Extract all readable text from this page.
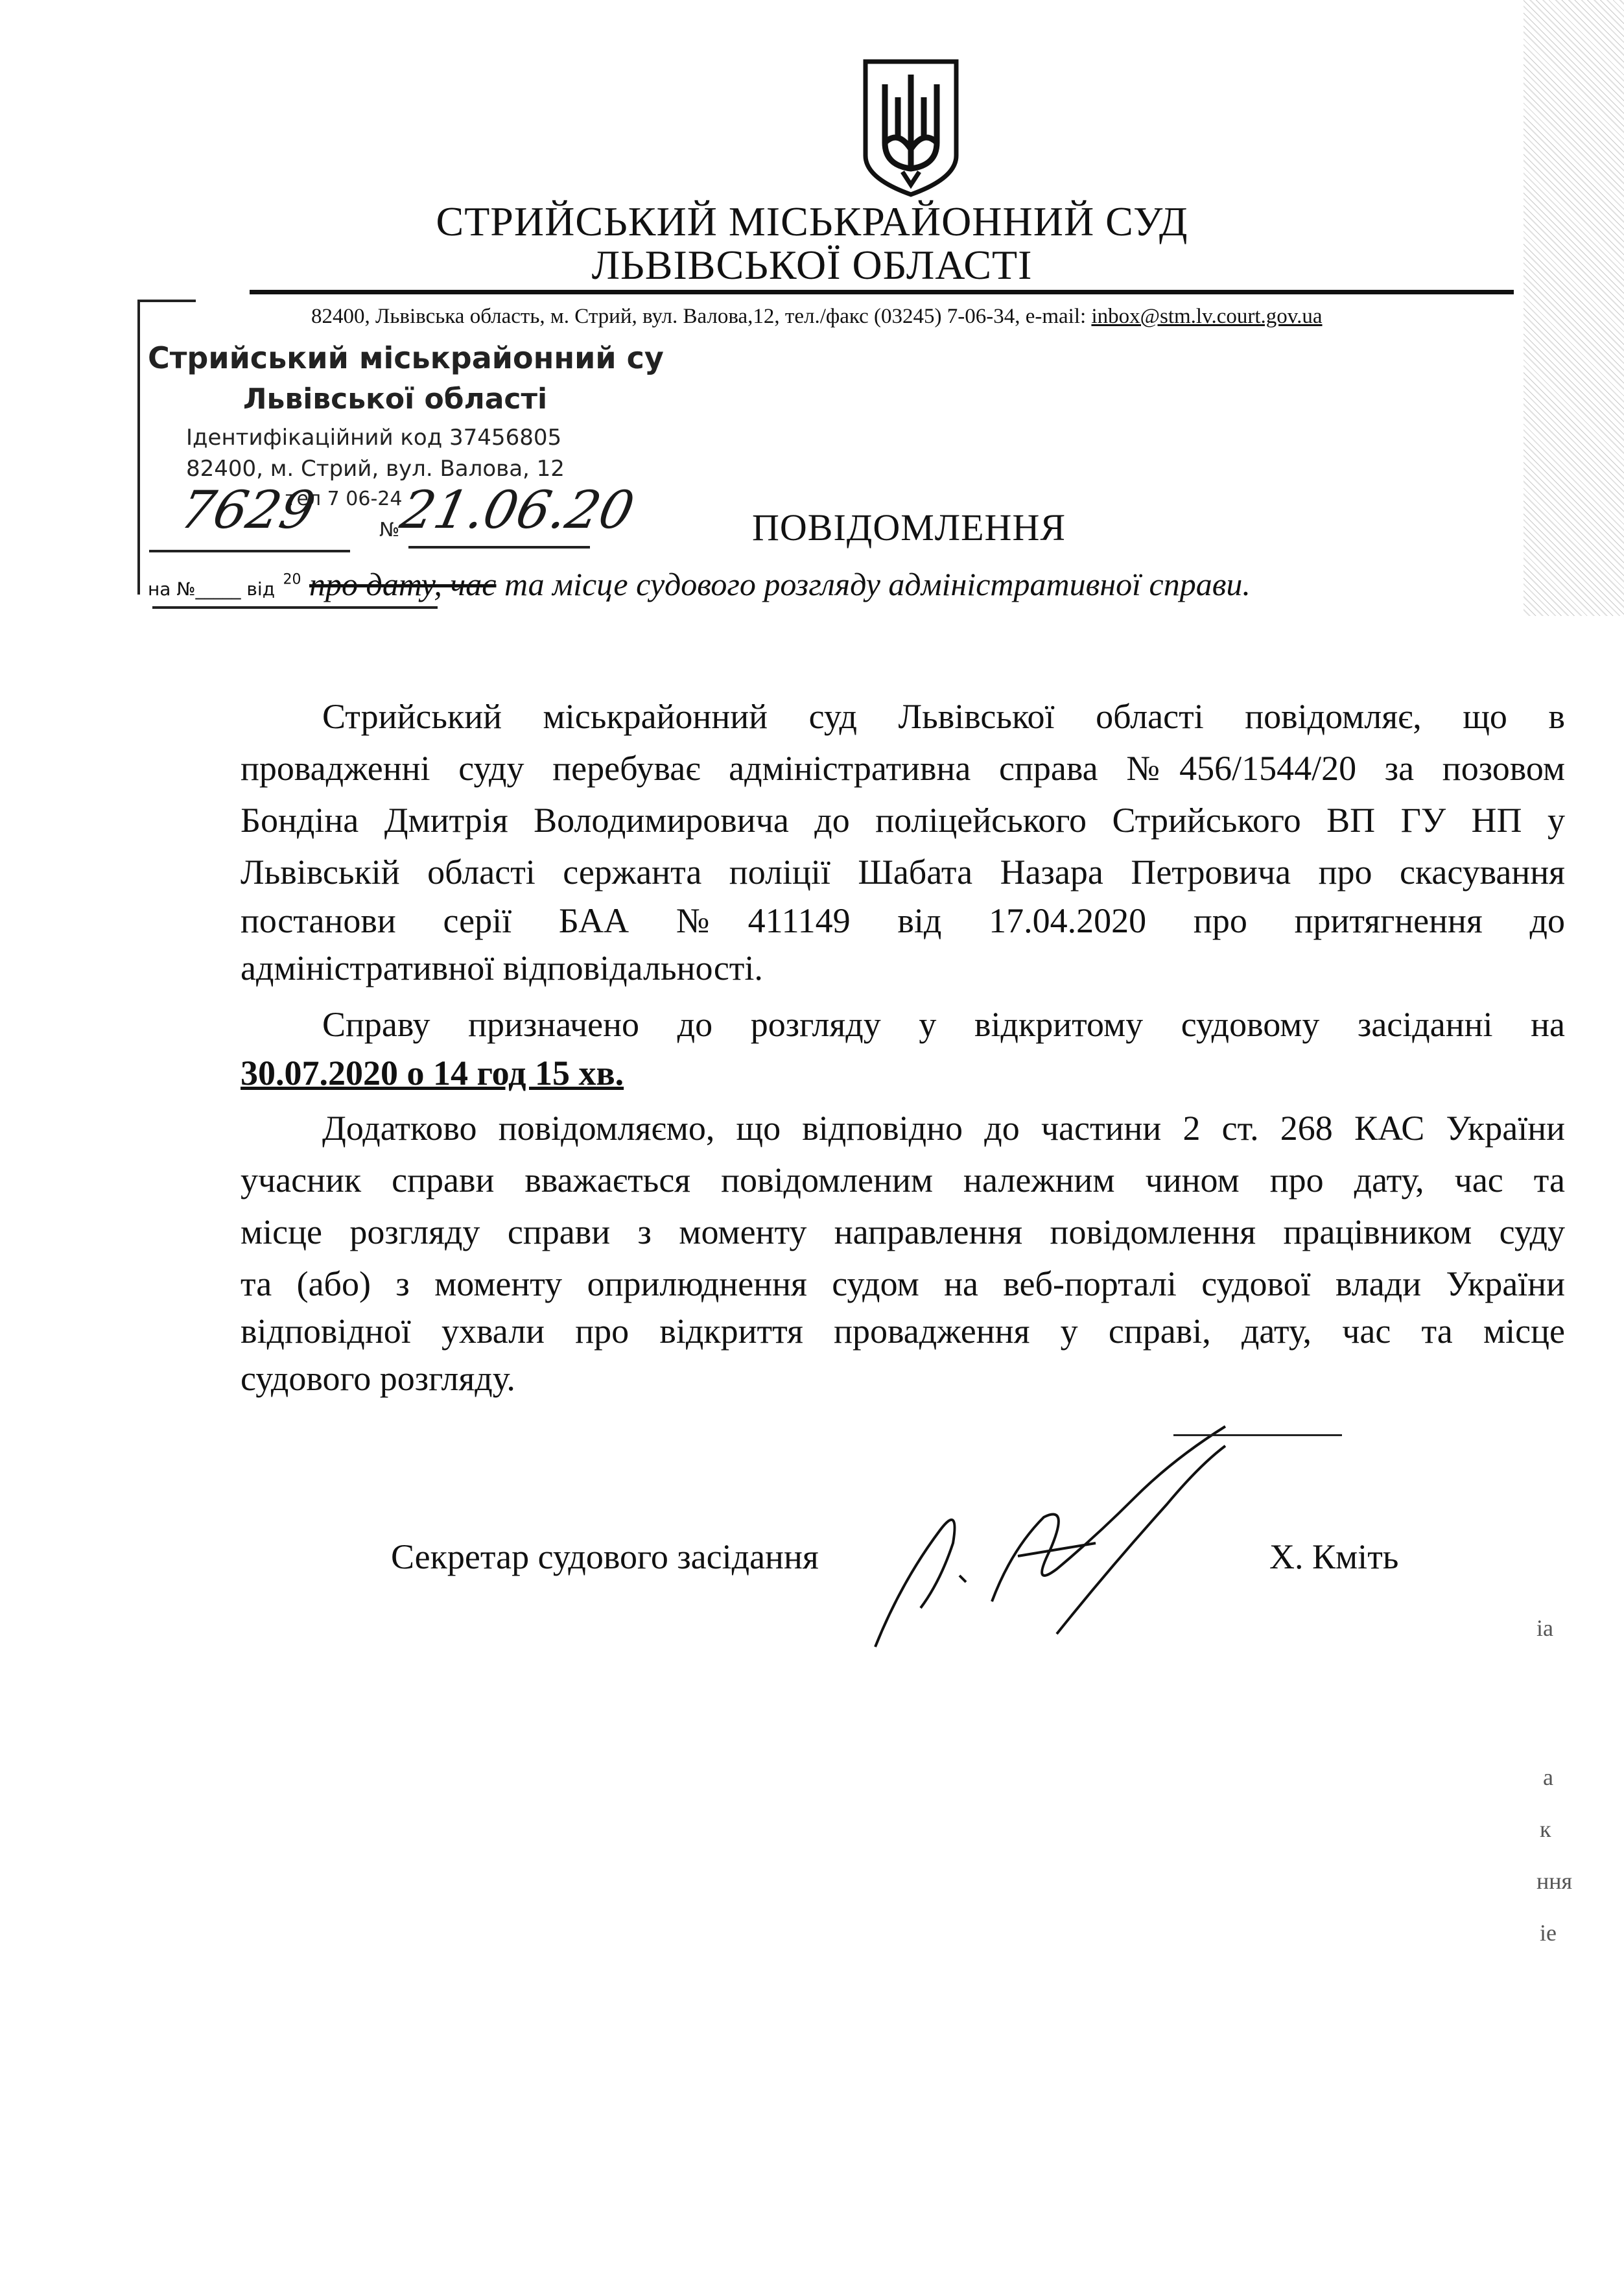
СТРИЙСЬКИЙ МІСЬКРАЙОННИЙ СУД
ЛЬВІВСЬКОЇ ОБЛАСТІ
82400, Львівська область, м. Стрий, вул. Валова,12, тел./факс (03245) 7-06-34, e-mail: inbox@stm.lv.court.gov.ua
Стрийський міськрайонний су
Львівської області
Ідентифікаційний код 37456805
82400, м. Стрий, вул. Валова, 12
тел 7 06-24
7629	№
21.06.20	ПОВІДОМЛЕННЯ
на №_____ від $^{20}$ про дату, час та місце судового розгляду адміністративної справи.
Стрийський міськрайонний суд Львівської області повідомляє, що в
провадженні суду перебуває адміністративна справа №456/1544/20 за позовом
Бондіна Дмитрія Володимировича до поліцейського Стрийського ВП ГУ НП у
Львівській області сержанта поліції Шабата Назара Петровича про скасування
постанови серії БАА №411149 від 17.04.2020 про притягнення до
адміністративної відповідальності.
Справу призначено до розгляду у відкритому судовому засіданні на
30.07.2020 о 14 год 15 хв.
Додатково повідомляємо, що відповідно до частини 2 ст. 268 КАС України
учасник справи вважається повідомленим належним чином про дату, час та
місце розгляду справи з моменту направлення повідомлення працівником суду
та (або) з моменту оприлюднення судом на веб-порталі судової влади України
відповідної ухвали про відкриття провадження у справі, дату, час та місце
судового розгляду.
Секретар судового засідання	Х. Кміть
іа
а
к
ння
іе
